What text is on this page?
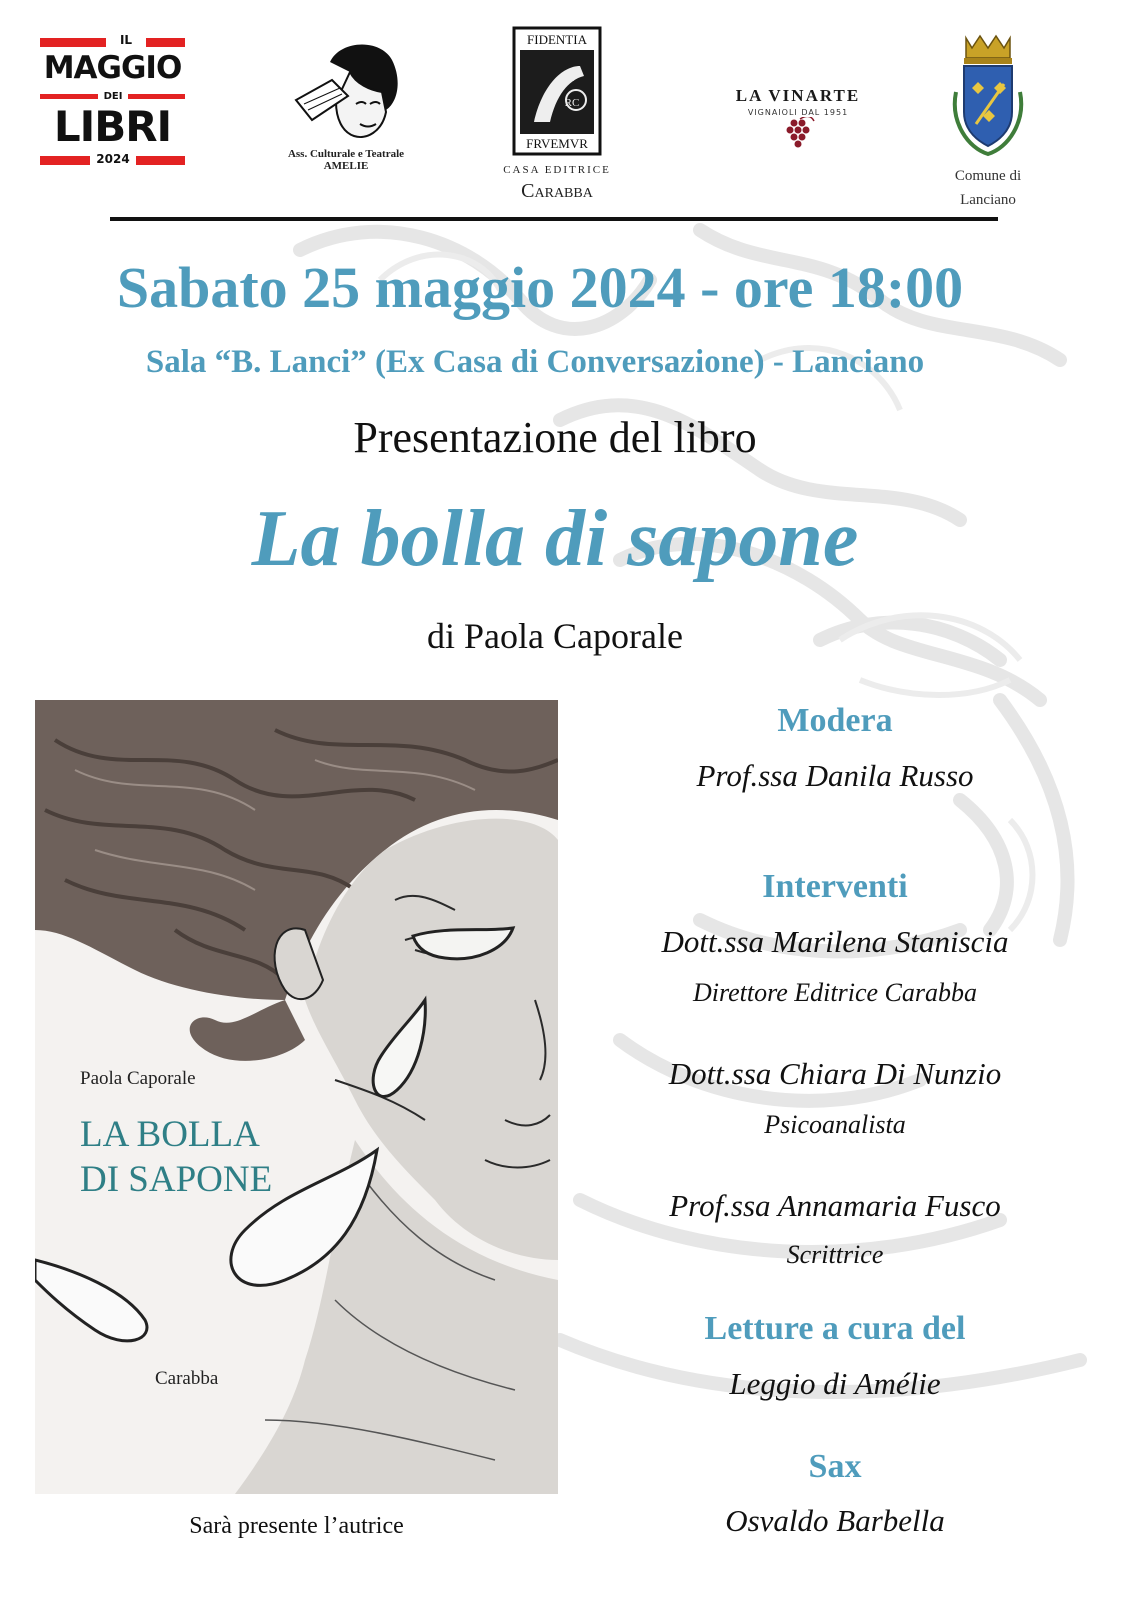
IL
MAGGIO
DEI
LIBRI
2024	Ass. Culturale e Teatrale
AMELIE
FIDENTIA
RC
FRVEMVR
CASA EDITRICE
Carabba
LA VINARTE
VIGNAIOLI DAL 1951
Comune di
Lanciano
Sabato 25 maggio 2024 - ore 18:00
Sala “B. Lanci” (Ex Casa di Conversazione) - Lanciano
Presentazione del libro
La bolla di sapone
di Paola Caporale
Paola Caporale
LA BOLLA
DI SAPONE
Carabba
Sarà presente l’autrice
Modera
Prof.ssa Danila Russo
Interventi
Dott.ssa Marilena Staniscia
Direttore Editrice Carabba
Dott.ssa Chiara Di Nunzio
Psicoanalista
Prof.ssa Annamaria Fusco
Scrittrice
Letture a cura del
Leggio di Amélie
Sax
Osvaldo Barbella
